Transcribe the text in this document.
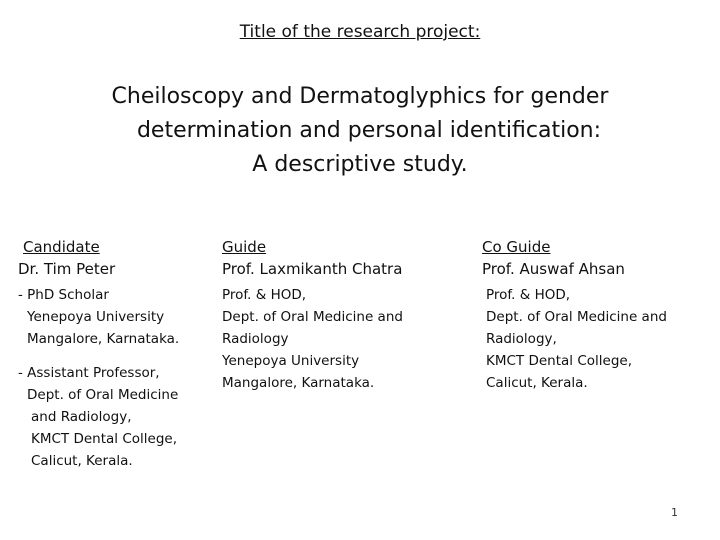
Title of the research project:
Cheiloscopy and Dermatoglyphics for gender
determination and personal identification:
A descriptive study.
Candidate
Dr. Tim Peter
- PhD Scholar
Yenepoya University
Mangalore, Karnataka.
- Assistant Professor,
Dept. of Oral Medicine
and Radiology,
KMCT Dental College,
Calicut, Kerala.
Guide
Prof. Laxmikanth Chatra
Prof. & HOD,
Dept. of Oral Medicine and
Radiology
Yenepoya University
Mangalore, Karnataka.
Co Guide
Prof. Auswaf Ahsan
Prof. & HOD,
Dept. of Oral Medicine and
Radiology,
KMCT Dental College,
Calicut, Kerala.
1
